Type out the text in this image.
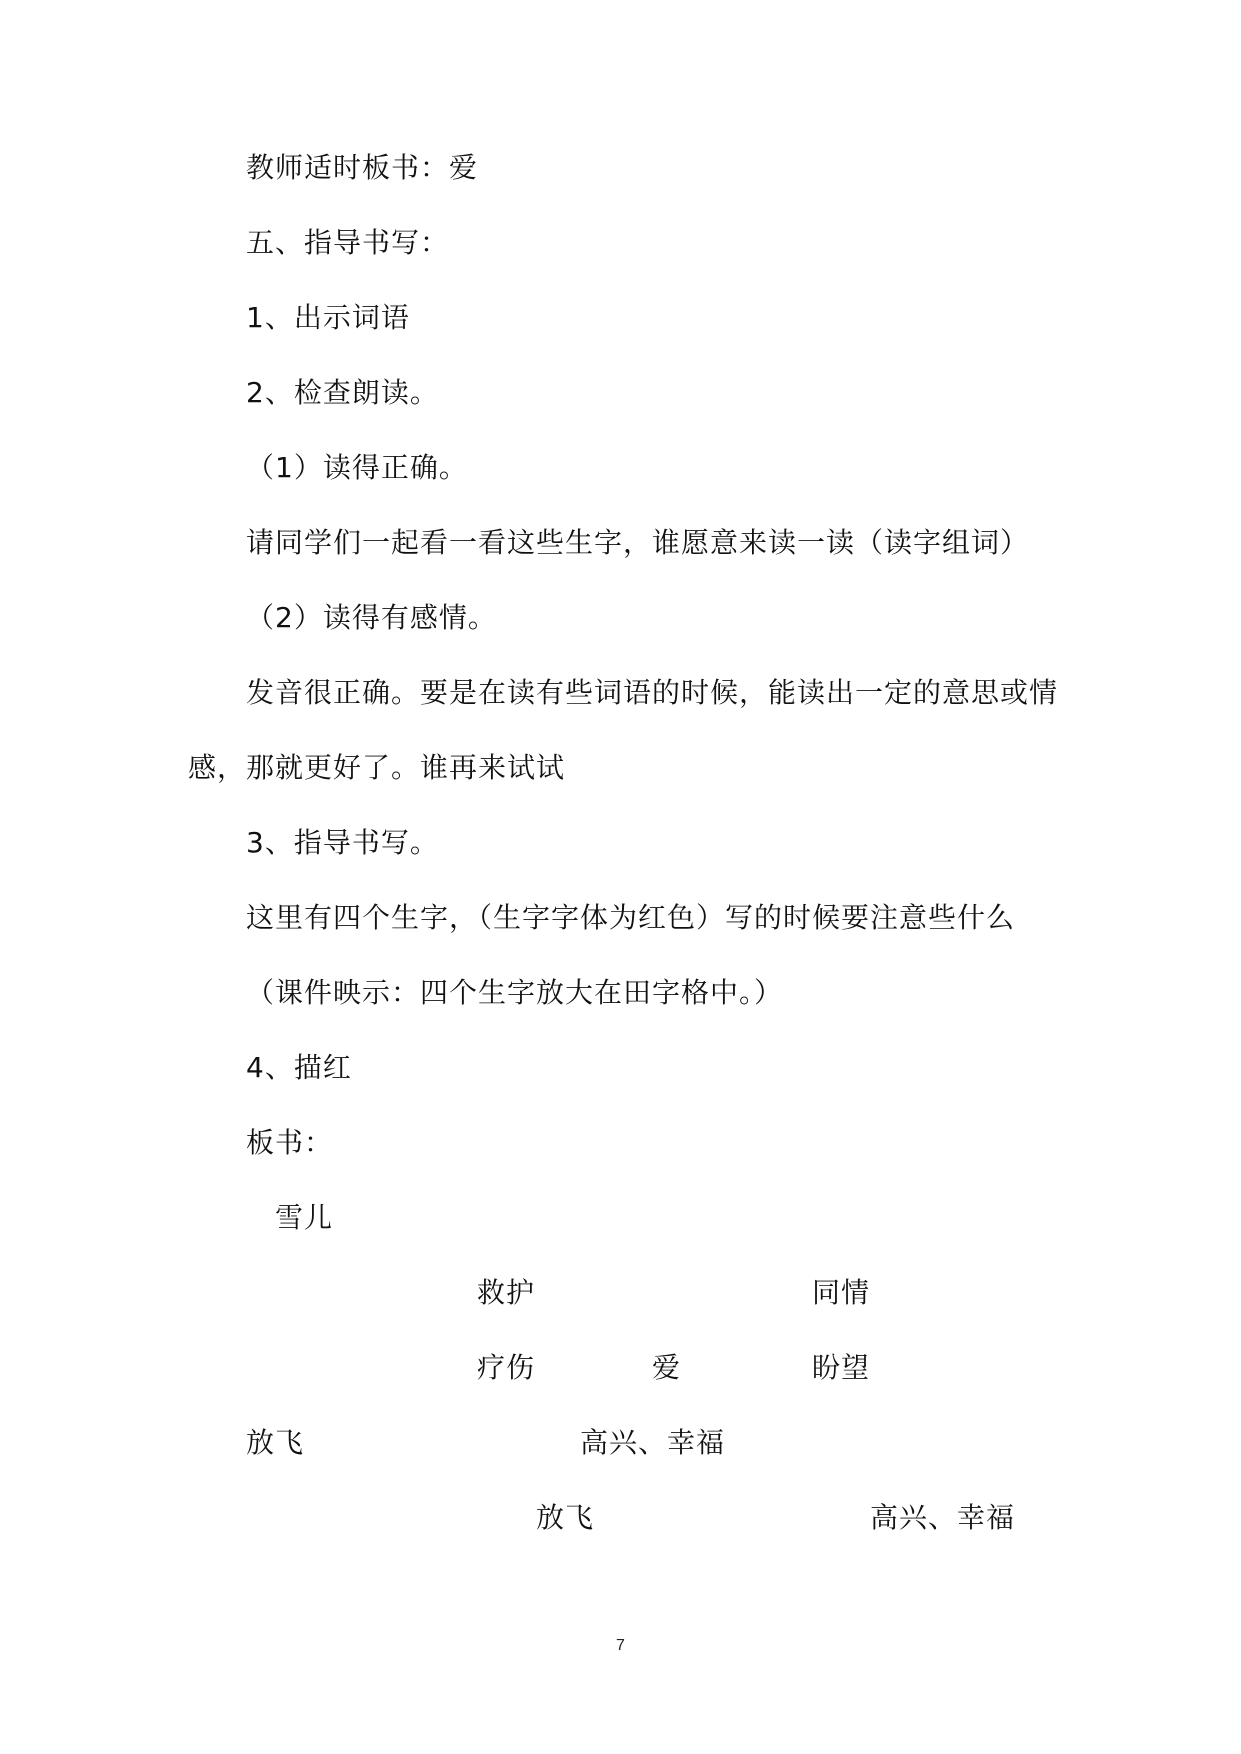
教师适时板书：爱
五、指导书写：
1、出示词语
2、检查朗读。
（1）读得正确。
请同学们一起看一看这些生字，谁愿意来读一读（读字组词）
（2）读得有感情。
发音很正确。要是在读有些词语的时候，能读出一定的意思或情
感，那就更好了。谁再来试试
3、指导书写。
这里有四个生字，（生字字体为红色）写的时候要注意些什么
（课件映示：四个生字放大在田字格中。）
4、描红
板书：
雪儿
救护	同情
疗伤	爱	盼望
放飞	高兴、幸福
放飞	高兴、幸福
7
